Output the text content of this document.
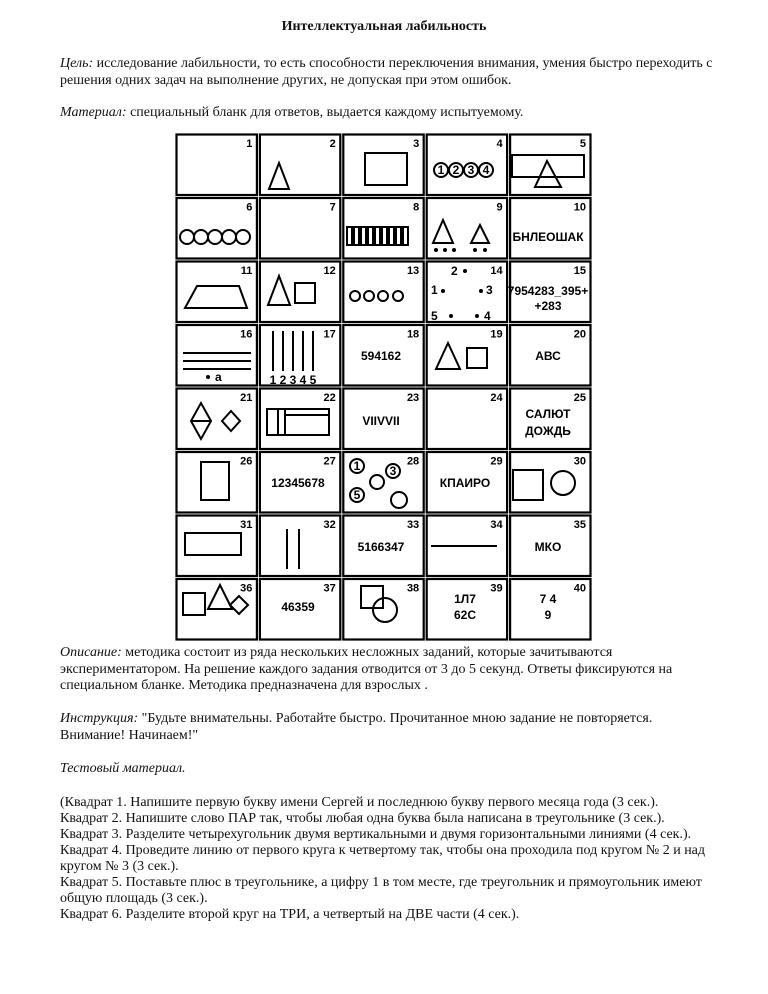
Интеллектуальная лабильность
Цель: исследование лабильности, то есть способности переключения внимания, умения быстро переходить с решения одних задач на выполнение других, не допуская при этом ошибок.
Материал: специальный бланк для ответов, выдается каждому испытуемому.
1	2	3	4	5
6	7	8	9	10
11	12	13	14	15
16	17	18	19	20
21	22	23	24	25
26	27	28	29	30
31	32	33	34	35
36	37	38	39	40
1 2 3 4
БНЛЕОШАК
2
1	3
5	4
7954283_395+
+283
a	1 2 3 4 5
594162	АВС
VIIVVII	САЛЮТ
ДОЖДЬ
12345678
1 3
5
КПАИРО
5166347	МКО
46359
1Л7
62С
7 4
9
Описание: методика состоит из ряда нескольких несложных заданий, которые зачитываются экспериментатором. На решение каждого задания отводится от 3 до 5 секунд. Ответы фиксируются на специальном бланке. Методика предназначена для взрослых .
Инструкция: "Будьте внимательны. Работайте быстро. Прочитанное мною задание не повторяется. Внимание! Начинаем!"
Тестовый материал.
(Квадрат 1. Напишите первую букву имени Сергей и последнюю букву первого месяца года (3 сек.).
Квадрат 2. Напишите слово ПАР так, чтобы любая одна буква была написана в треугольнике (3 сек.).
Квадрат 3. Разделите четырехугольник двумя вертикальными и двумя горизонтальными линиями (4 сек.).
Квадрат 4. Проведите линию от первого круга к четвертому так, чтобы она проходила под кругом № 2 и над кругом № 3 (3 сек.).
Квадрат 5. Поставьте плюс в треугольнике, а цифру 1 в том месте, где треугольник и прямоугольник имеют общую площадь (3 сек.).
Квадрат 6. Разделите второй круг на ТРИ, а четвертый на ДВЕ части (4 сек.).
